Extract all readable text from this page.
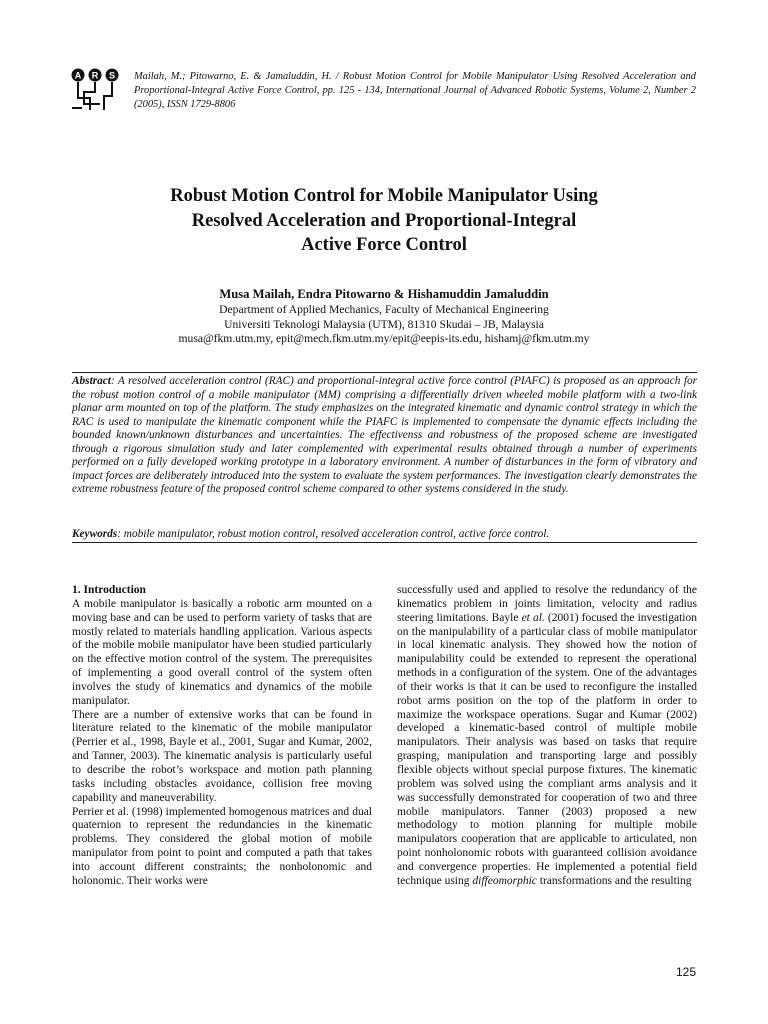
A R S Mailah, M.; Pitowarno, E. & Jamaluddin, H. / Robust Motion Control for Mobile Manipulator Using Resolved Acceleration and Proportional-Integral Active Force Control, pp. 125 - 134, International Journal of Advanced Robotic Systems, Volume 2, Number 2 (2005), ISSN 1729-8806
Robust Motion Control for Mobile Manipulator Using
Resolved Acceleration and Proportional-Integral
Active Force Control
Musa Mailah, Endra Pitowarno & Hishamuddin Jamaluddin
Department of Applied Mechanics, Faculty of Mechanical Engineering
Universiti Teknologi Malaysia (UTM), 81310 Skudai – JB, Malaysia
musa@fkm.utm.my, epit@mech.fkm.utm.my/epit@eepis-its.edu, hishamj@fkm.utm.my
Abstract: A resolved acceleration control (RAC) and proportional-integral active force control (PIAFC) is proposed as an approach for the robust motion control of a mobile manipulator (MM) comprising a differentially driven wheeled mobile platform with a two-link planar arm mounted on top of the platform. The study emphasizes on the integrated kinematic and dynamic control strategy in which the RAC is used to manipulate the kinematic component while the PIAFC is implemented to compensate the dynamic effects including the bounded known/unknown disturbances and uncertainties. The effectivenss and robustness of the proposed scheme are investigated through a rigorous simulation study and later complemented with experimental results obtained through a number of experiments performed on a fully developed working prototype in a laboratory environment. A number of disturbances in the form of vibratory and impact forces are deliberately introduced into the system to evaluate the system performances. The investigation clearly demonstrates the extreme robustness feature of the proposed control scheme compared to other systems considered in the study.
Keywords: mobile manipulator, robust motion control, resolved acceleration control, active force control.

1. Introduction

A mobile manipulator is basically a robotic arm mounted on a moving base and can be used to perform variety of tasks that are mostly related to materials handling application. Various aspects of the mobile mobile manipulator have been studied particularly on the effective motion control of the system. The prerequisites of implementing a good overall control of the system often involves the study of kinematics and dynamics of the mobile manipulator.

There are a number of extensive works that can be found in literature related to the kinematic of the mobile manipulator (Perrier et al., 1998, Bayle et al., 2001, Sugar and Kumar, 2002, and Tanner, 2003). The kinematic analysis is particularly useful to describe the robot’s workspace and motion path planning tasks including obstacles avoidance, collision free moving capability and maneuverability.

Perrier et al. (1998) implemented homogenous matrices and dual quaternion to represent the redundancies in the kinematic problems. They considered the global motion of mobile manipulator from point to point and computed a path that takes into account different constraints; the nonholonomic and holonomic. Their works were

successfully used and applied to resolve the redundancy of the kinematics problem in joints limitation, velocity and radius steering limitations. Bayle et al. (2001) focused the investigation on the manipulability of a particular class of mobile manipulator in local kinematic analysis. They showed how the notion of manipulability could be extended to represent the operational methods in a configuration of the system. One of the advantages of their works is that it can be used to reconfigure the installed robot arms position on the top of the platform in order to maximize the workspace operations. Sugar and Kumar (2002) developed a kinematic-based control of multiple mobile manipulators. Their analysis was based on tasks that require grasping, manipulation and transporting large and possibly flexible objects without special purpose fixtures. The kinematic problem was solved using the compliant arms analysis and it was successfully demonstrated for cooperation of two and three mobile manipulators. Tanner (2003) proposed a new methodology to motion planning for multiple mobile manipulators cooperation that are applicable to articulated, non point nonholonomic robots with guaranteed collision avoidance and convergence properties. He implemented a potential field technique using diffeomorphic transformations and the resulting

125
